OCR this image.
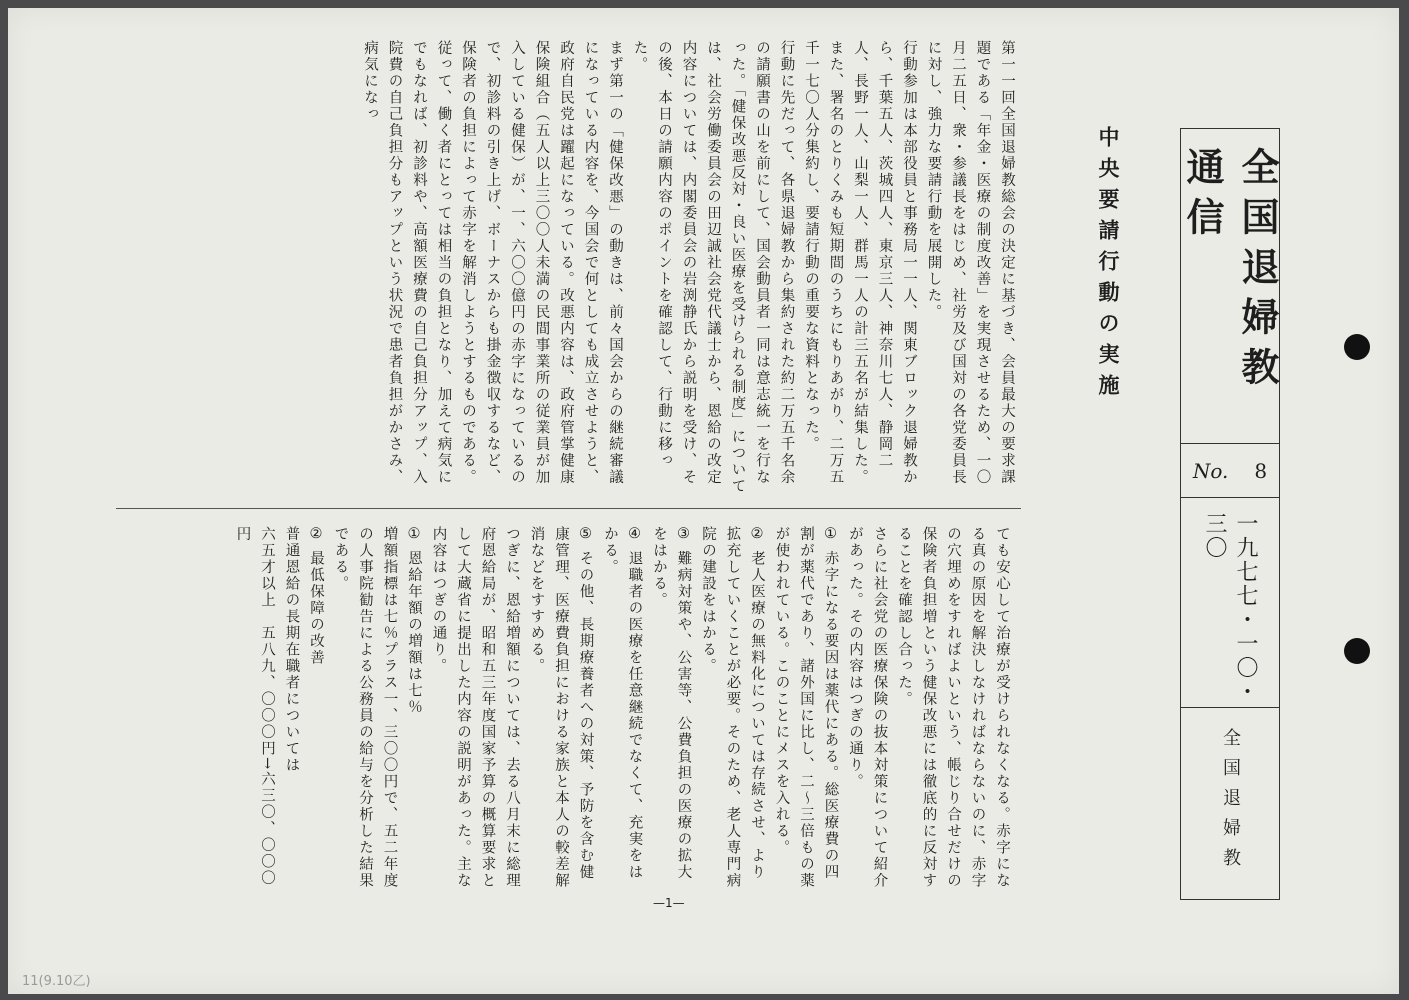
第一一回全国退婦教総会の決定に基づき、会員最大の要求課題である「年金・医療の制度改善」を実現させるため、一〇月二五日、衆・参議長をはじめ、社労及び国対の各党委員長に対し、強力な要請行動を展開した。

行動参加は本部役員と事務局一一人、関東ブロック退婦教から、千葉五人、茨城四人、東京三人、神奈川七人、静岡二人、長野一人、山梨一人、群馬一人の計三五名が結集した。また、署名のとりくみも短期間のうちにもりあがり、二万五千一七〇人分集約し、要請行動の重要な資料となった。

行動に先だって、各県退婦教から集約された約二万五千名余の請願書の山を前にして、国会動員者一同は意志統一を行なった。「健保改悪反対・良い医療を受けられる制度」については、社会労働委員会の田辺誠社会党代議士から、恩給の改定内容については、内閣委員会の岩渕静氏から説明を受け、その後、本日の請願内容のポイントを確認して、行動に移った。

まず第一の「健保改悪」の動きは、前々国会からの継続審議になっている内容を、今国会で何としても成立させようと、政府自民党は躍起になっている。改悪内容は、政府管掌健康保険組合（五人以上三〇〇人未満の民間事業所の従業員が加入している健保）が、一、六〇〇億円の赤字になっているので、初診料の引き上げ、ボーナスからも掛金徴収するなど、保険者の負担によって赤字を解消しようとするものである。従って、働く者にとっては相当の負担となり、加えて病気にでもなれば、初診料や、高額医療費の自己負担分アップ、入院費の自己負担分もアップという状況で患者負担がかさみ、病気になっ

ても安心して治療が受けられなくなる。赤字になる真の原因を解決しなければならないのに、赤字の穴埋めをすればよいという、帳じり合せだけの保険者負担増という健保改悪には徹底的に反対することを確認し合った。

さらに社会党の医療保険の抜本対策について紹介があった。その内容はつぎの通り。

① 赤字になる要因は薬代にある。総医療費の四割が薬代であり、諸外国に比し、二〜三倍もの薬が使われている。このことにメスを入れる。

② 老人医療の無料化については存続させ、より拡充していくことが必要。そのため、老人専門病院の建設をはかる。

③ 難病対策や、公害等、公費負担の医療の拡大をはかる。

④ 退職者の医療を任意継続でなくて、充実をはかる。

⑤ その他、長期療養者への対策、予防を含む健康管理、医療費負担における家族と本人の較差解消などをすすめる。

つぎに、恩給増額については、去る八月末に総理府恩給局が、昭和五三年度国家予算の概算要求として大蔵省に提出した内容の説明があった。主な内容はつぎの通り。

① 恩給年額の増額は七％

増額指標は七％プラス一、三〇〇円で、五二年度の人事院勧告による公務員の給与を分析した結果である。

② 最低保障の改善

普通恩給の長期在職者については

六五才以上　五八九、〇〇〇円→六三〇、〇〇〇円

中央要請行動の実施	全国退婦教通信
No. 8
一九七七・一〇・三〇
全国退婦教
—1—
11(9.10乙)
